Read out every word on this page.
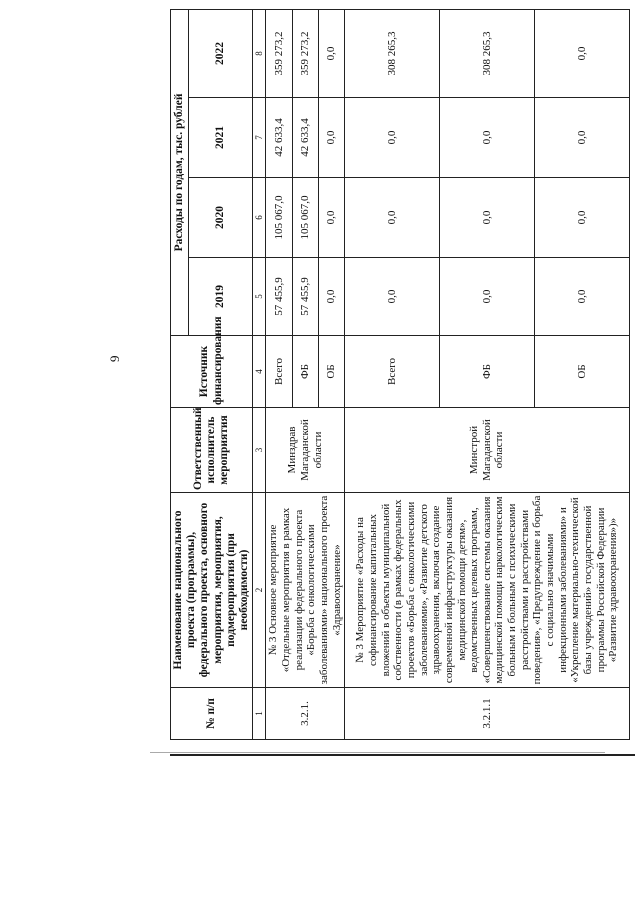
9
№ п/п	Наименование национального проекта (программы), федерального проекта, основного мероприятия, мероприятия, подмероприятия (при необходимости)	Ответственный исполнитель мероприятия	Источник финансирования	Расходы по годам, тыс. рублей			
				2019	2020	2021	2022
1	2	3	4	5	6	7	8
3.2.1.	№ 3 Основное мероприятие «Отдельные мероприятия в рамках реализации федерального проекта «Борьба с онкологическими заболеваниями» национального проекта «Здравоохранение»	Минздрав Магаданской области	Всего	57 455,9	105 067,0	42 633,4	359 273,2
			ФБ	57 455,9	105 067,0	42 633,4	359 273,2
			ОБ	0,0	0,0	0,0	0,0
3.2.1.1	№ 3 Мероприятие «Расходы на софинансирование капитальных вложений в объекты муниципальной собственности (в рамках федеральных проектов «Борьба с онкологическими заболеваниями», «Развитие детского здравоохранения, включая создание современной инфраструктуры оказания медицинской помощи детям», ведомственных целевых программ, «Совершенствование системы оказания медицинской помощи наркологическим больным и больным с психическими расстройствами и расстройствами поведения», «Предупреждение и борьба с социально значимыми инфекционными заболеваниями» и «Укрепление материально-технической базы учреждений» государственной программы Российской Федерации «Развитие здравоохранения»)»	Минстрой Магаданской области	Всего	0,0	0,0	0,0	308 265,3
			ФБ	0,0	0,0	0,0	308 265,3
			ОБ	0,0	0,0	0,0	0,0
